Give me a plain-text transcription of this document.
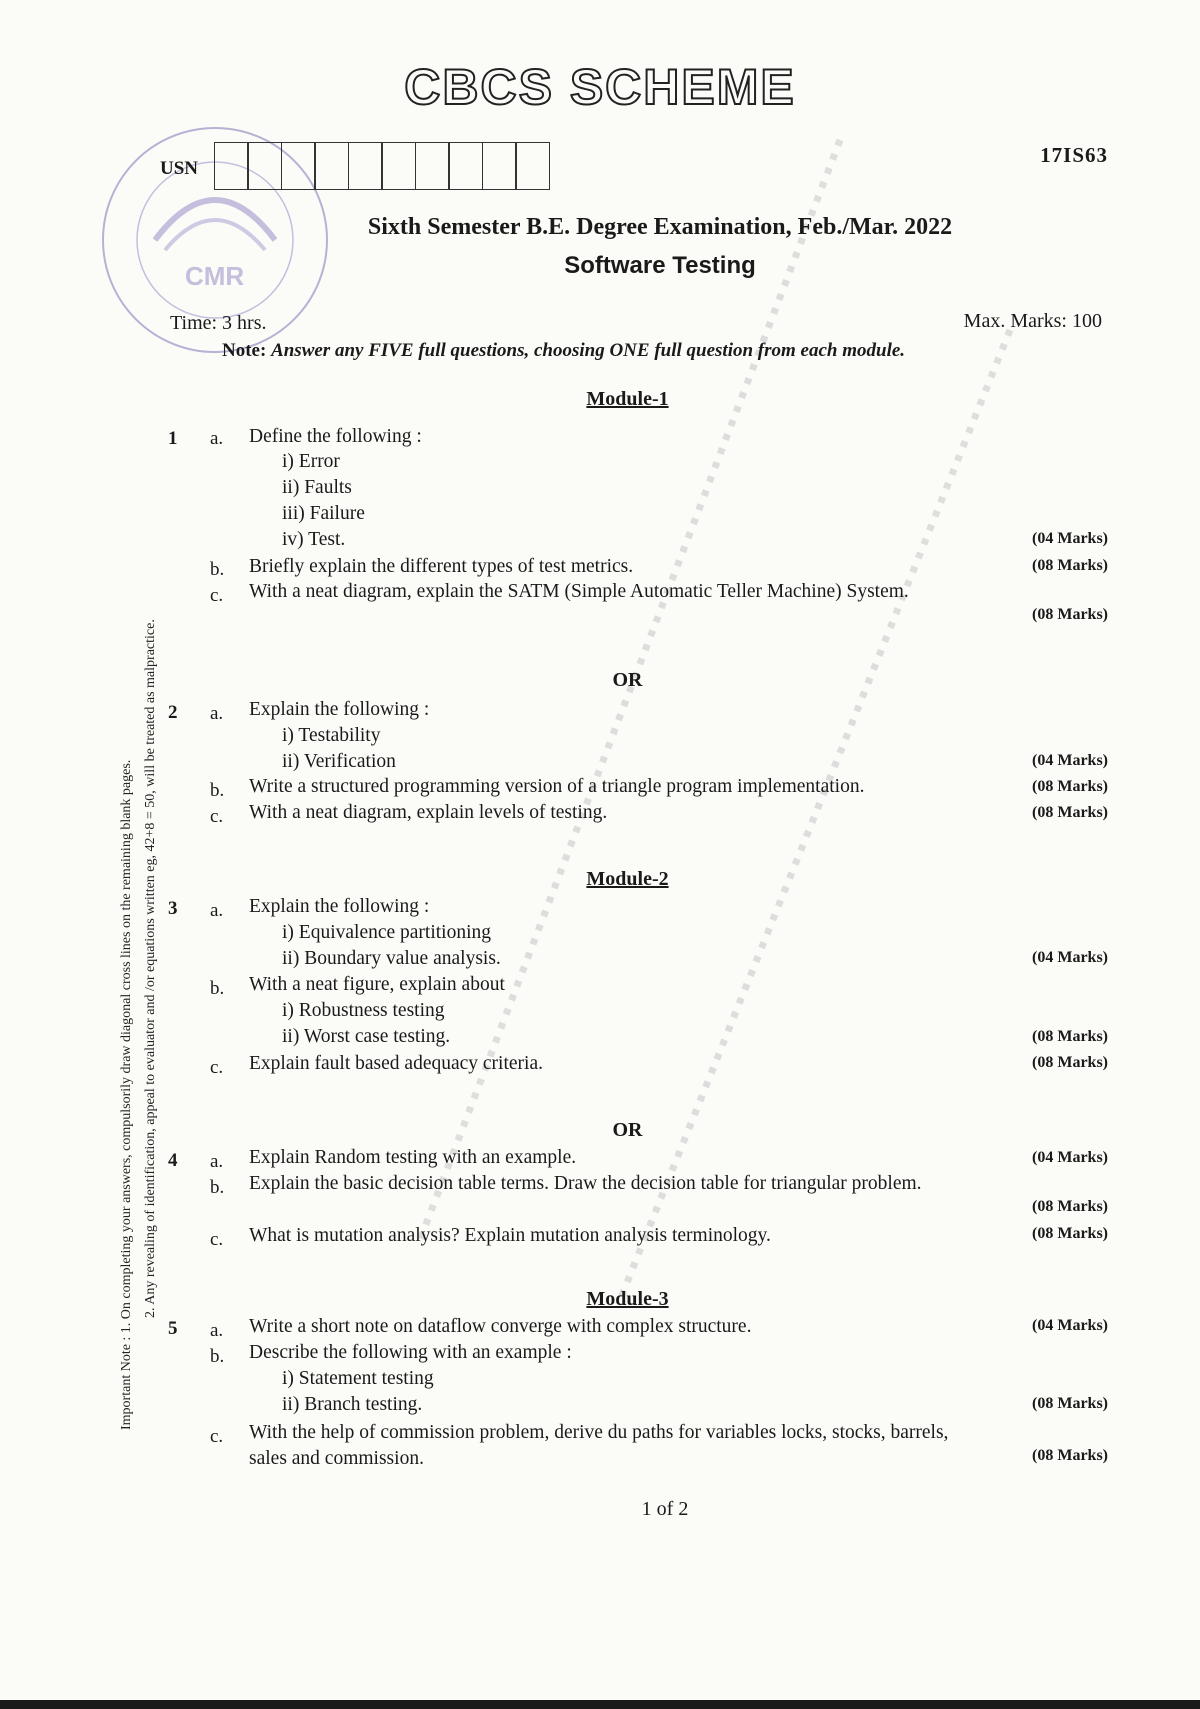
CMR
CBCS SCHEME
USN
17IS63
Sixth Semester B.E. Degree Examination, Feb./Mar. 2022
Software Testing
Time: 3 hrs.	Max. Marks: 100
Note: Answer any FIVE full questions, choosing ONE full question from each module.
Module-1
1 a. Define the following :
i) Error
ii) Faults
iii) Failure
iv) Test.	(04 Marks)
b. Briefly explain the different types of test metrics.	(08 Marks)
c. With a neat diagram, explain the SATM (Simple Automatic Teller Machine) System.
(08 Marks)
OR
2 a. Explain the following :
i) Testability
ii) Verification	(04 Marks)
b. Write a structured programming version of a triangle program implementation.	(08 Marks)
c. With a neat diagram, explain levels of testing.	(08 Marks)
Module-2
3 a. Explain the following :
i) Equivalence partitioning
ii) Boundary value analysis.	(04 Marks)
b. With a neat figure, explain about
i) Robustness testing
ii) Worst case testing.	(08 Marks)
c. Explain fault based adequacy criteria.	(08 Marks)
OR
4 a. Explain Random testing with an example.	(04 Marks)
b. Explain the basic decision table terms. Draw the decision table for triangular problem.
(08 Marks)
c. What is mutation analysis? Explain mutation analysis terminology.	(08 Marks)
Module-3
5 a. Write a short note on dataflow converge with complex structure.	(04 Marks)
b. Describe the following with an example :
i) Statement testing
ii) Branch testing.	(08 Marks)
c. With the help of commission problem, derive du paths for variables locks, stocks, barrels,
sales and commission.	(08 Marks)
Important Note : 1. On completing your answers, compulsorily draw diagonal cross lines on the remaining blank pages. 2. Any revealing of identification, appeal to evaluator and /or equations written eg, 42+8 = 50, will be treated as malpractice.
1 of 2
